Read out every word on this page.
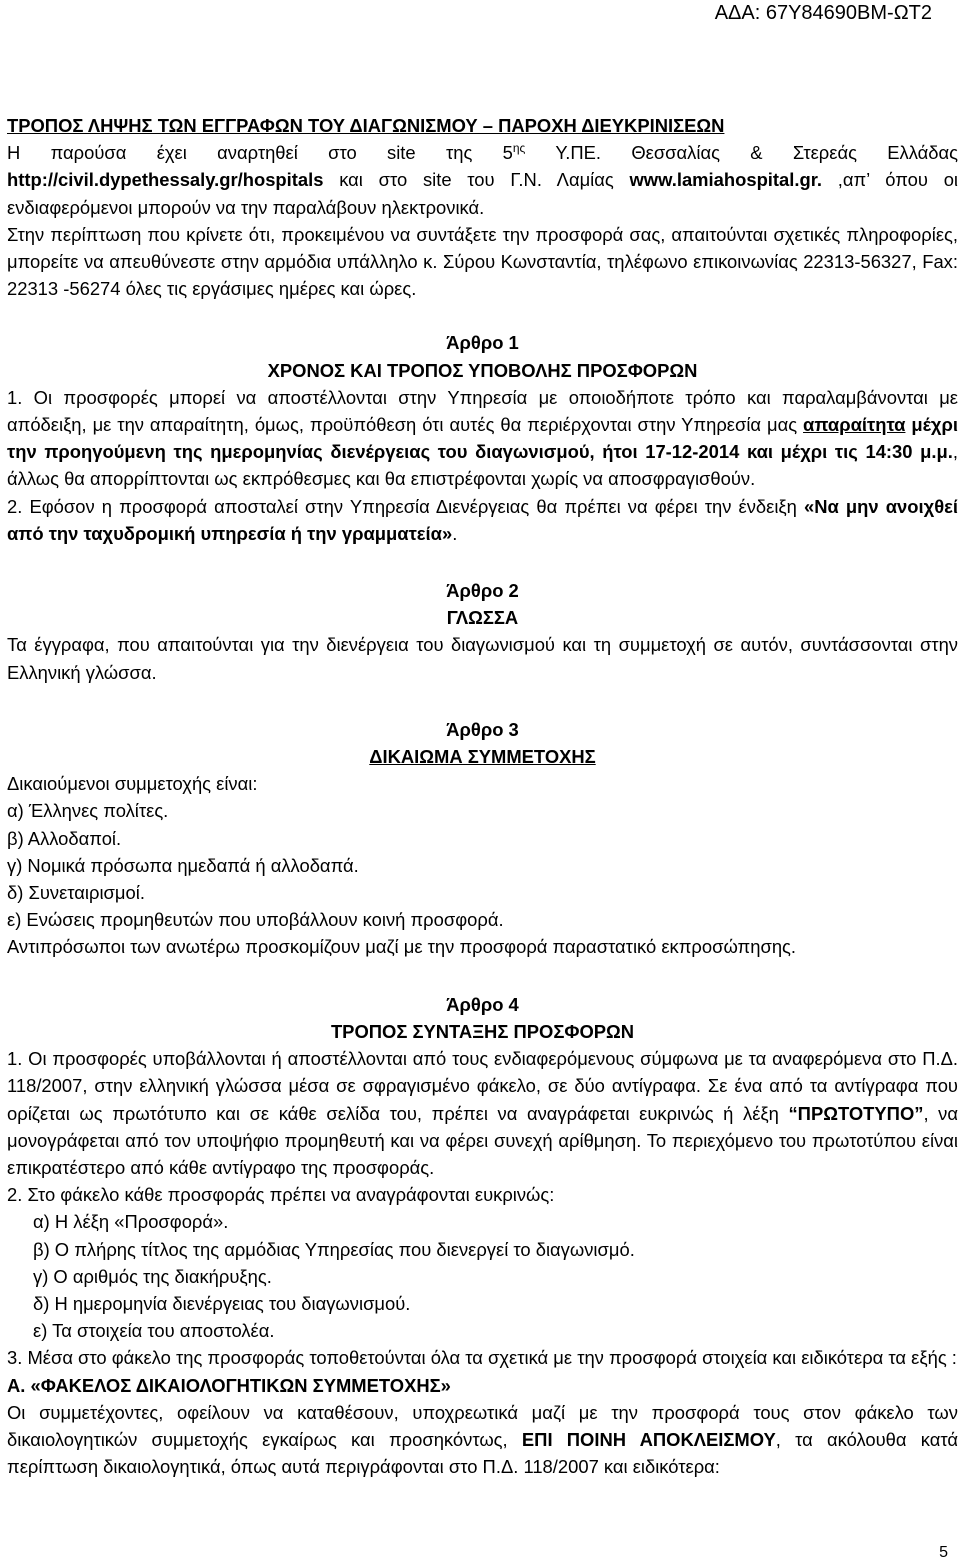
ΑΔΑ: 67Υ84690ΒΜ-ΩΤ2

ΤΡΟΠΟΣ ΛΗΨΗΣ ΤΩΝ ΕΓΓΡΑΦΩΝ ΤΟΥ ΔΙΑΓΩΝΙΣΜΟΥ – ΠΑΡΟΧΗ ΔΙΕΥΚΡΙΝΙΣΕΩΝ

Η παρούσα έχει αναρτηθεί στο site της $5^{\eta\varsigma}$ Υ.ΠΕ. Θεσσαλίας & Στερεάς Ελλάδας http://civil.dypethessaly.gr/hospitals και στο site του Γ.Ν. Λαμίας www.lamiahospital.gr. ,απ’ όπου οι ενδιαφερόμενοι μπορούν να την παραλάβουν ηλεκτρονικά.

Στην περίπτωση που κρίνετε ότι, προκειμένου να συντάξετε την προσφορά σας, απαιτούνται σχετικές πληροφορίες, μπορείτε να απευθύνεστε στην αρμόδια υπάλληλο κ. Σύρου Κωνσταντία, τηλέφωνο επικοινωνίας 22313-56327, Fax: 22313 -56274 όλες τις εργάσιμες ημέρες και ώρες.

Άρθρο 1

ΧΡΟΝΟΣ ΚΑΙ ΤΡΟΠΟΣ ΥΠΟΒΟΛΗΣ ΠΡΟΣΦΟΡΩΝ

1. Οι προσφορές μπορεί να αποστέλλονται στην Υπηρεσία με οποιοδήποτε τρόπο και παραλαμβάνονται με απόδειξη, με την απαραίτητη, όμως, προϋπόθεση ότι αυτές θα περιέρχονται στην Υπηρεσία μας απαραίτητα μέχρι την προηγούμενη της ημερομηνίας διενέργειας του διαγωνισμού, ήτοι 17-12-2014 και μέχρι τις 14:30 μ.μ., άλλως θα απορρίπτονται ως εκπρόθεσμες και θα επιστρέφονται χωρίς να αποσφραγισθούν.

2. Εφόσον η προσφορά αποσταλεί στην Υπηρεσία Διενέργειας θα πρέπει να φέρει την ένδειξη «Να μην ανοιχθεί από την ταχυδρομική υπηρεσία ή την γραμματεία».

Άρθρο 2

ΓΛΩΣΣΑ

Τα έγγραφα, που απαιτούνται για την διενέργεια του διαγωνισμού και τη συμμετοχή σε αυτόν, συντάσσονται στην Ελληνική γλώσσα.

Άρθρο 3

ΔΙΚΑΙΩΜΑ ΣΥΜΜΕΤΟΧΗΣ

Δικαιούμενοι συμμετοχής είναι:

α) Έλληνες πολίτες.

β) Αλλοδαποί.

γ) Νομικά πρόσωπα ημεδαπά ή αλλοδαπά.

δ) Συνεταιρισμοί.

ε) Ενώσεις προμηθευτών που υποβάλλουν κοινή προσφορά.

Αντιπρόσωποι των ανωτέρω προσκομίζουν μαζί με την προσφορά παραστατικό εκπροσώπησης.

Άρθρο 4

ΤΡΟΠΟΣ ΣΥΝΤΑΞΗΣ ΠΡΟΣΦΟΡΩΝ

1. Οι προσφορές υποβάλλονται ή αποστέλλονται από τους ενδιαφερόμενους σύμφωνα με τα αναφερόμενα στο Π.Δ. 118/2007, στην ελληνική γλώσσα μέσα σε σφραγισμένο φάκελο, σε δύο αντίγραφα. Σε ένα από τα αντίγραφα που ορίζεται ως πρωτότυπο και σε κάθε σελίδα του, πρέπει να αναγράφεται ευκρινώς ή λέξη “ΠΡΩΤΟΤΥΠΟ”, να μονογράφεται από τον υποψήφιο προμηθευτή και να φέρει συνεχή αρίθμηση. Το περιεχόμενο του πρωτοτύπου είναι επικρατέστερο από κάθε αντίγραφο της προσφοράς.

2. Στο φάκελο κάθε προσφοράς πρέπει να αναγράφονται ευκρινώς:

α) Η λέξη «Προσφορά».

β) Ο πλήρης τίτλος της αρμόδιας Υπηρεσίας που διενεργεί το διαγωνισμό.

γ) Ο αριθμός της διακήρυξης.

δ) Η ημερομηνία διενέργειας του διαγωνισμού.

ε) Τα στοιχεία του αποστολέα.

3. Μέσα στο φάκελο της προσφοράς τοποθετούνται όλα τα σχετικά με την προσφορά στοιχεία και ειδικότερα τα εξής :

Α. «ΦΑΚΕΛΟΣ ΔΙΚΑΙΟΛΟΓΗΤΙΚΩΝ ΣΥΜΜΕΤΟΧΗΣ»

Οι συμμετέχοντες, οφείλουν να καταθέσουν, υποχρεωτικά μαζί με την προσφορά τους στον φάκελο των δικαιολογητικών συμμετοχής εγκαίρως και προσηκόντως, ΕΠΙ ΠΟΙΝΗ ΑΠΟΚΛΕΙΣΜΟΥ, τα ακόλουθα κατά περίπτωση δικαιολογητικά, όπως αυτά περιγράφονται στο Π.Δ. 118/2007 και ειδικότερα:

5
